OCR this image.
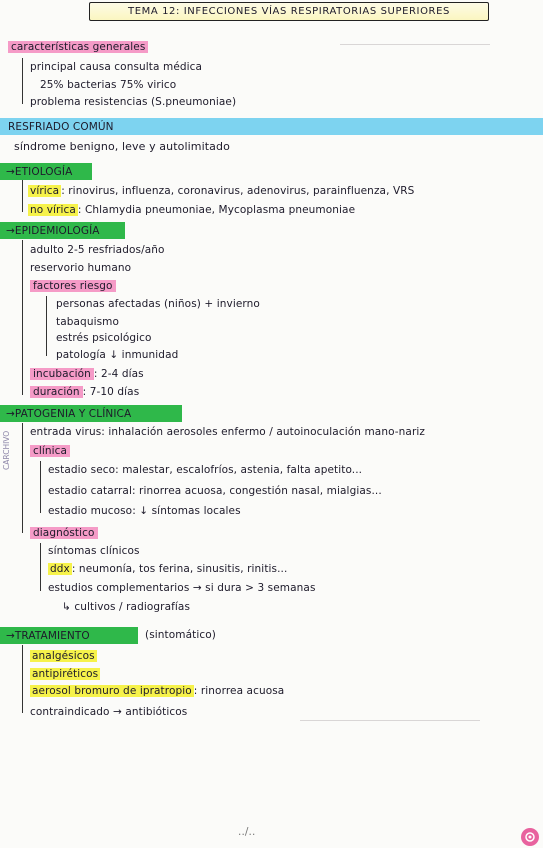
TEMA 12: INFECCIONES VÍAS RESPIRATORIAS SUPERIORES
características generales
principal causa consulta médica
25% bacterias 75% virico
problema resistencias (S.pneumoniae)
RESFRIADO COMÚN
síndrome benigno, leve y autolimitado
→ ETIOLOGÍA
vírica : rinovirus, influenza, coronavirus, adenovirus, parainfluenza, VRS
no vírica : Chlamydia pneumoniae, Mycoplasma pneumoniae
→ EPIDEMIOLOGÍA
adulto 2-5 resfriados/año
reservorio humano
factores riesgo
personas afectadas (niños) + invierno
tabaquismo
estrés psicológico
patología ↓ inmunidad
incubación : 2-4 días
duración : 7-10 días
→ PATOGENIA Y CLÍNICA
entrada virus: inhalación aerosoles enfermo / autoinoculación mano-nariz
clínica
estadio seco: malestar, escalofríos, astenia, falta apetito...
estadio catarral: rinorrea acuosa, congestión nasal, mialgias...
estadio mucoso: ↓ síntomas locales
diagnóstico
síntomas clínicos
ddx : neumonía, tos ferina, sinusitis, rinitis...
estudios complementarios → si dura > 3 semanas
↳ cultivos / radiografías
→ TRATAMIENTO	(sintomático)
analgésicos
antipiréticos
aerosol bromuro de ipratropio : rinorrea acuosa
contraindicado → antibióticos
../..
CARCHIVO
